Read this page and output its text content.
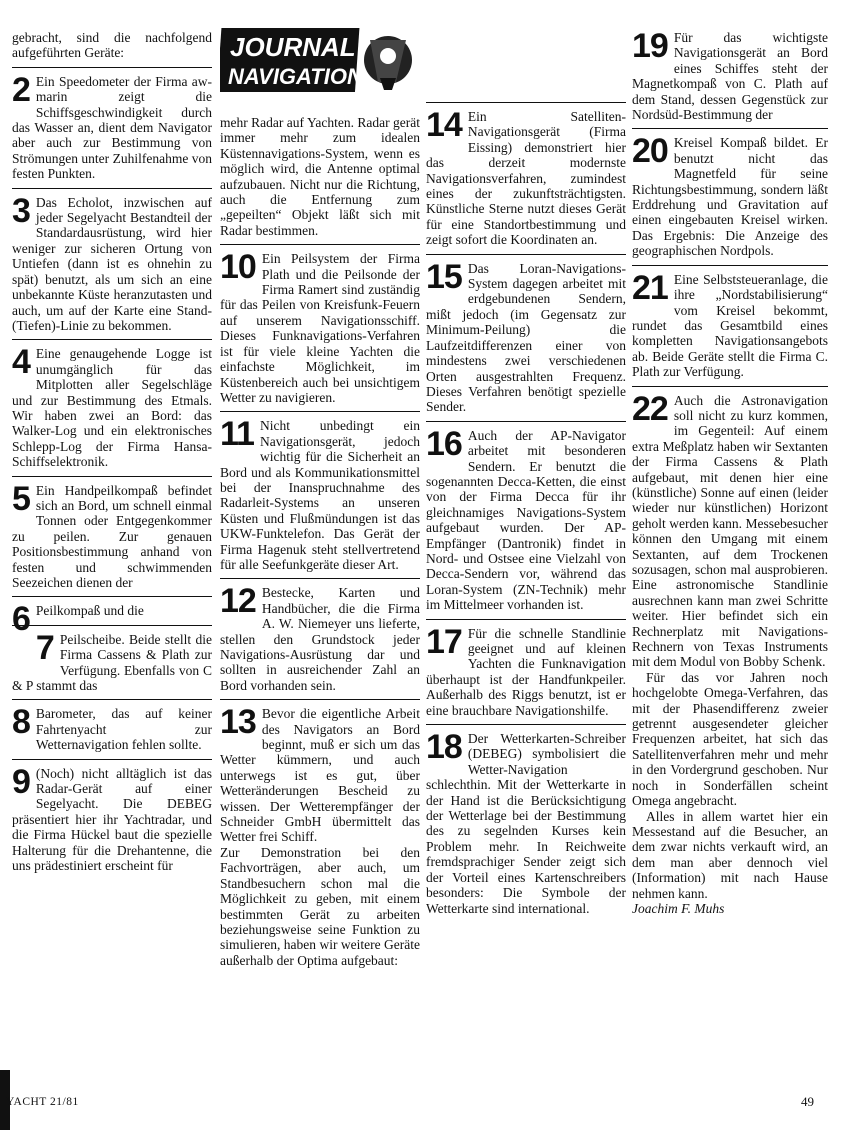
gebracht, sind die nachfolgend aufgeführten Geräte:

2 Ein Speedometer der Firma aw-marin zeigt die Schiffsgeschwindigkeit durch das Wasser an, dient dem Navigator aber auch zur Bestimmung von Strömungen unter Zuhilfenahme von festen Punkten.

3 Das Echolot, inzwischen auf jeder Segelyacht Bestandteil der Standardausrüstung, wird hier weniger zur sicheren Ortung von Untiefen (dann ist es ohnehin zu spät) benutzt, als um sich an eine unbekannte Küste heranzutasten und auch, um auf der Karte eine Stand-(Tiefen)-Linie zu bekommen.

4 Eine genaugehende Logge ist unumgänglich für das Mitplotten aller Segelschläge und zur Bestimmung des Etmals. Wir haben zwei an Bord: das Walker-Log und ein elektronisches Schlepp-Log der Firma Hansa-Schiffselektronik.

5 Ein Handpeilkompaß befindet sich an Bord, um schnell einmal Tonnen oder Entgegenkommer zu peilen. Zur genauen Positionsbestimmung anhand von festen und schwimmenden Seezeichen dienen der

6 Peilkompaß und die

7 Peilscheibe. Beide stellt die Firma Cassens & Plath zur Verfügung. Ebenfalls von C & P stammt das

8 Barometer, das auf keiner Fahrtenyacht zur Wetternavigation fehlen sollte.

9 (Noch) nicht alltäglich ist das Radar-Gerät auf einer Segelyacht. Die DEBEG präsentiert hier ihr Yachtradar, und die Firma Hückel baut die spezielle Halterung für die Drehantenne, die uns prädestiniert erscheint für

JOURNAL
NAVIGATION

mehr Radar auf Yachten. Radar gerät immer mehr zum idealen Küstennavigations-System, wenn es möglich wird, die Antenne optimal aufzubauen. Nicht nur die Richtung, auch die Entfernung zum „gepeilten“ Objekt läßt sich mit Radar bestimmen.

10 Ein Peilsystem der Firma Plath und die Peilsonde der Firma Ramert sind zuständig für das Peilen von Kreisfunk-Feuern auf unserem Navigationsschiff. Dieses Funknavigations-Verfahren ist für viele kleine Yachten die einfachste Möglichkeit, im Küstenbereich auch bei unsichtigem Wetter zu navigieren.

11 Nicht unbedingt ein Navigationsgerät, jedoch wichtig für die Sicherheit an Bord und als Kommunikationsmittel bei der Inanspruchnahme des Radarleit-Systems an unseren Küsten und Flußmündungen ist das UKW-Funktelefon. Das Gerät der Firma Hagenuk steht stellvertretend für alle Seefunkgeräte dieser Art.

12 Bestecke, Karten und Handbücher, die die Firma A. W. Niemeyer uns lieferte, stellen den Grundstock jeder Navigations-Ausrüstung dar und sollten in ausreichender Zahl an Bord vorhanden sein.

13 Bevor die eigentliche Arbeit des Navigators an Bord beginnt, muß er sich um das Wetter kümmern, und auch unterwegs ist es gut, über Wetteränderungen Bescheid zu wissen. Der Wetterempfänger der Schneider GmbH übermittelt das Wetter frei Schiff.

Zur Demonstration bei den Fachvorträgen, aber auch, um Standbesuchern schon mal die Möglichkeit zu geben, mit einem bestimmten Gerät zu arbeiten beziehungsweise seine Funktion zu simulieren, haben wir weitere Geräte außerhalb der Optima aufgebaut:

14 Ein Satelliten-Navigationsgerät (Firma Eissing) demonstriert hier das derzeit modernste Navigationsverfahren, zumindest eines der zukunftsträchtigsten. Künstliche Sterne nutzt dieses Gerät für eine Standortbestimmung und zeigt sofort die Koordinaten an.

15 Das Loran-Navigations-System dagegen arbeitet mit erdgebundenen Sendern, mißt jedoch (im Gegensatz zur Minimum-Peilung) die Laufzeitdifferenzen einer von mindestens zwei verschiedenen Orten ausgestrahlten Frequenz. Dieses Verfahren benötigt spezielle Sender.

16 Auch der AP-Navigator arbeitet mit besonderen Sendern. Er benutzt die sogenannten Decca-Ketten, die einst von der Firma Decca für ihr gleichnamiges Navigations-System aufgebaut wurden. Der AP-Empfänger (Dantronik) findet in Nord- und Ostsee eine Vielzahl von Decca-Sendern vor, während das Loran-System (ZN-Technik) mehr im Mittelmeer vorhanden ist.

17 Für die schnelle Standlinie geeignet und auf kleinen Yachten die Funknavigation überhaupt ist der Handfunkpeiler. Außerhalb des Riggs benutzt, ist er eine brauchbare Navigationshilfe.

18 Der Wetterkarten-Schreiber (DEBEG) symbolisiert die Wetter-Navigation schlechthin. Mit der Wetterkarte in der Hand ist die Berücksichtigung der Wetterlage bei der Bestimmung des zu segelnden Kurses kein Problem mehr. In Reichweite fremdsprachiger Sender zeigt sich der Vorteil eines Kartenschreibers besonders: Die Symbole der Wetterkarte sind international.

19 Für das wichtigste Navigationsgerät an Bord eines Schiffes steht der Magnetkompaß von C. Plath auf dem Stand, dessen Gegenstück zur Nordsüd-Bestimmung der

20 Kreisel Kompaß bildet. Er benutzt nicht das Magnetfeld für seine Richtungsbestimmung, sondern läßt Erddrehung und Gravitation auf einen eingebauten Kreisel wirken. Das Ergebnis: Die Anzeige des geographischen Nordpols.

21 Eine Selbststeueranlage, die ihre „Nordstabilisierung“ vom Kreisel bekommt, rundet das Gesamtbild eines kompletten Navigationsangebots ab. Beide Geräte stellt die Firma C. Plath zur Verfügung.

22 Auch die Astronavigation soll nicht zu kurz kommen, im Gegenteil: Auf einem extra Meßplatz haben wir Sextanten der Firma Cassens & Plath aufgebaut, mit denen hier eine (künstliche) Sonne auf einen (leider wieder nur künstlichen) Horizont geholt werden kann. Messebesucher können den Umgang mit einem Sextanten, auf dem Trockenen sozusagen, schon mal ausprobieren. Eine astronomische Standlinie ausrechnen kann man zwei Schritte weiter. Hier befindet sich ein Rechnerplatz mit Navigations-Rechnern von Texas Instruments mit dem Modul von Bobby Schenk.

Für das vor Jahren noch hochgelobte Omega-Verfahren, das mit der Phasendifferenz zweier getrennt ausgesendeter gleicher Frequenzen arbeitet, hat sich das Satellitenverfahren mehr und mehr in den Vordergrund geschoben. Nur noch in Sonderfällen scheint Omega angebracht.

Alles in allem wartet hier ein Messestand auf die Besucher, an dem zwar nichts verkauft wird, an dem man aber dennoch viel (Information) mit nach Hause nehmen kann.

Joachim F. Muhs

YACHT 21/81	49
